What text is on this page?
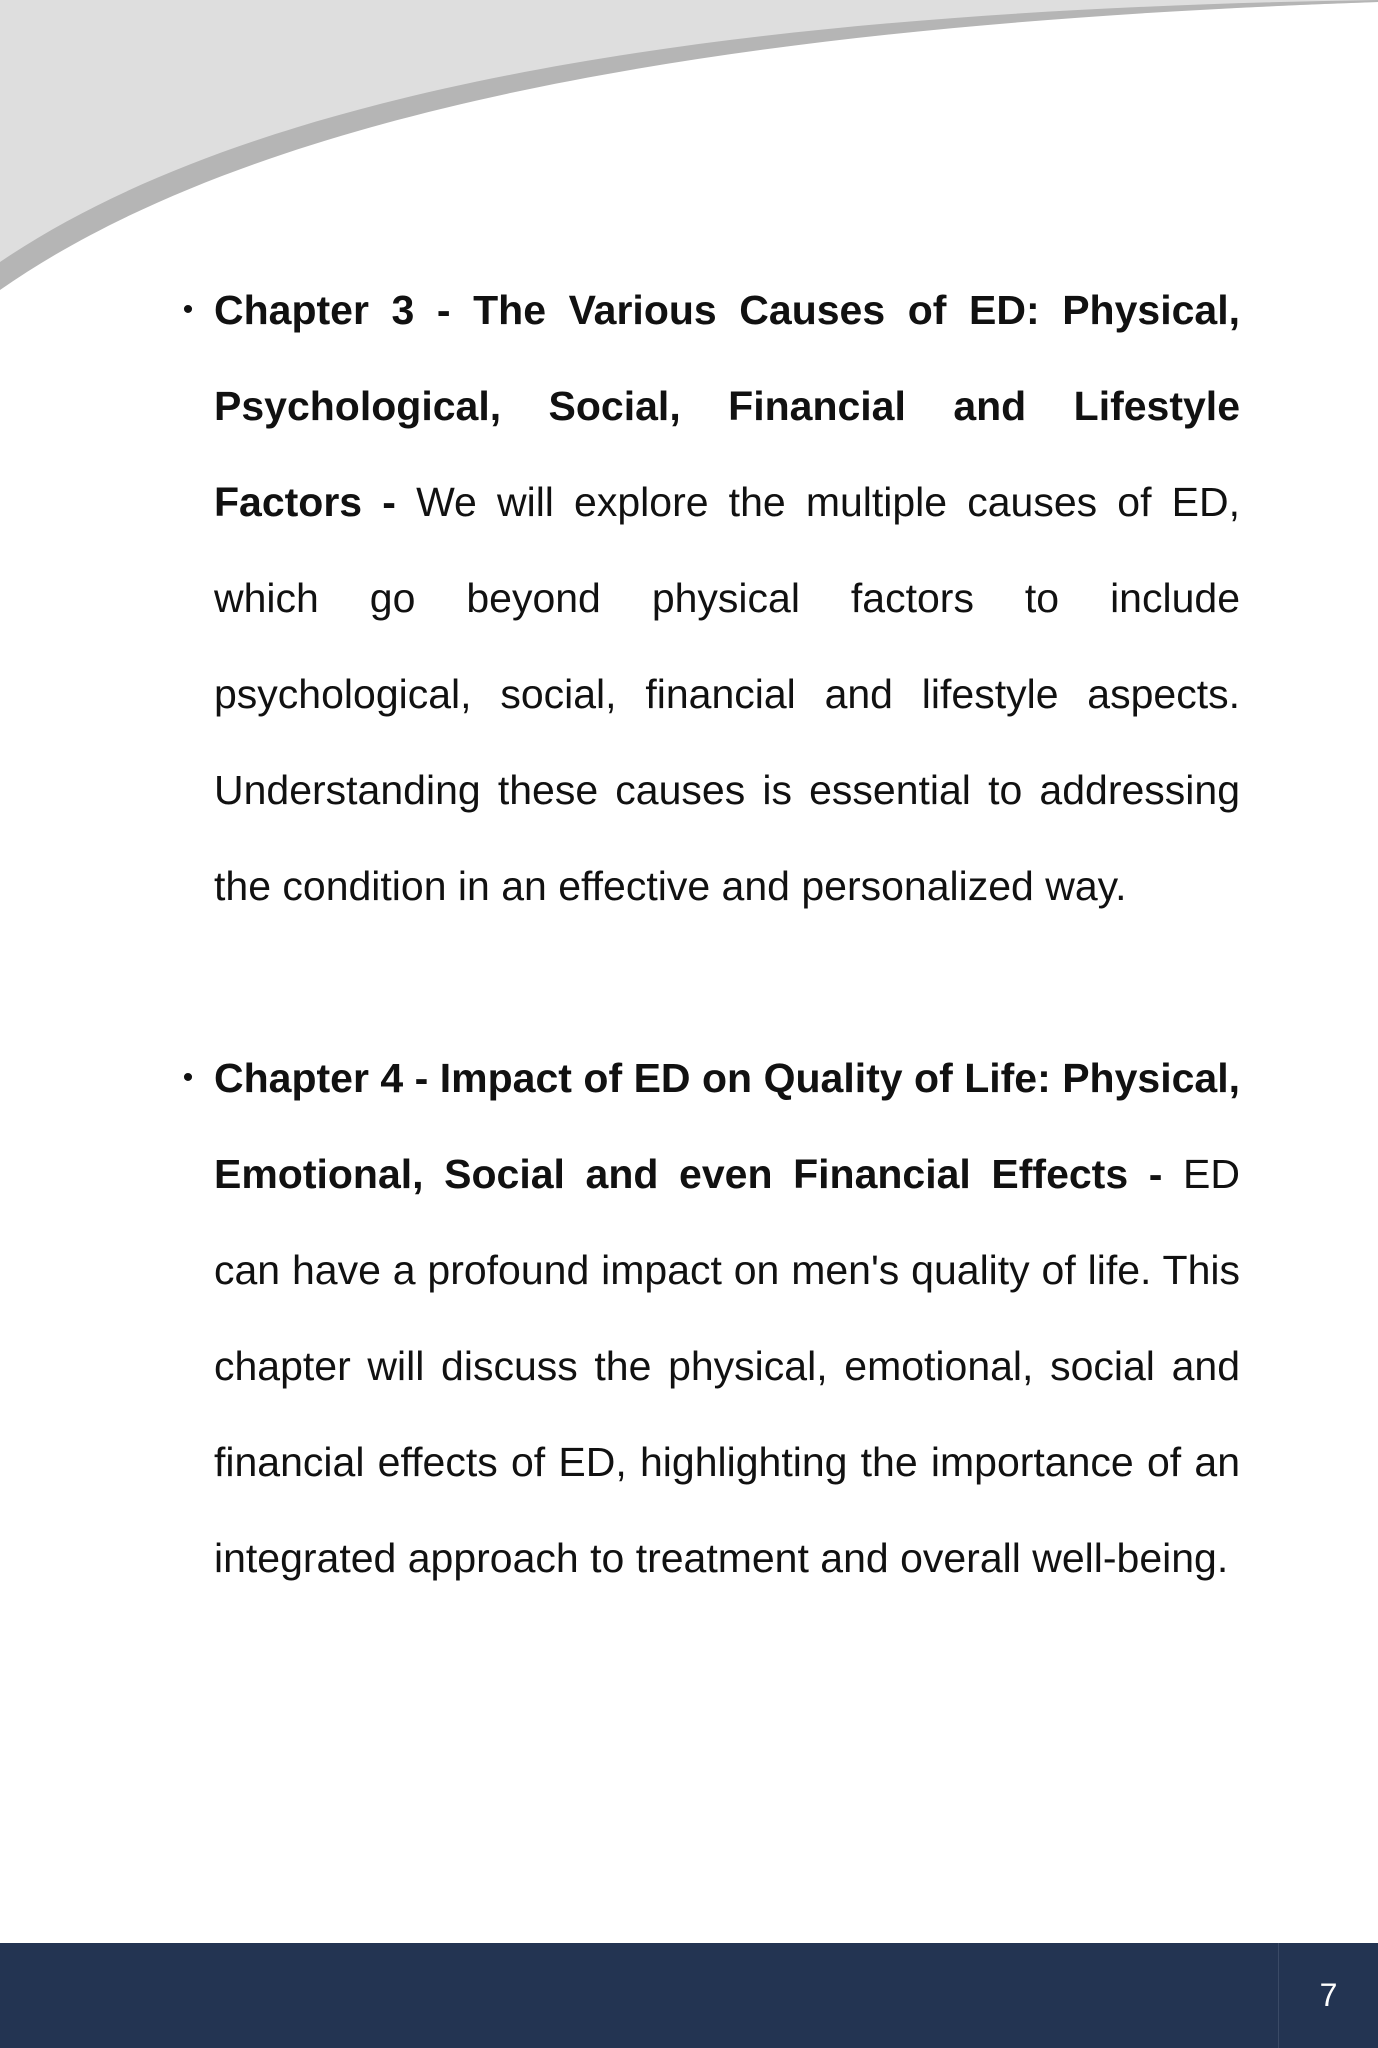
• Chapter 3 - The Various Causes of ED: Physical, Psychological, Social, Financial and Lifestyle Factors - We will explore the multiple causes of ED, which go beyond physical factors to include psychological, social, financial and lifestyle aspects. Understanding these causes is essential to addressing the condition in an effective and personalized way.
• Chapter 4 - Impact of ED on Quality of Life: Physical, Emotional, Social and even Financial Effects - ED can have a profound impact on men's quality of life. This chapter will discuss the physical, emotional, social and financial effects of ED, highlighting the importance of an integrated approach to treatment and overall well-being.
7
